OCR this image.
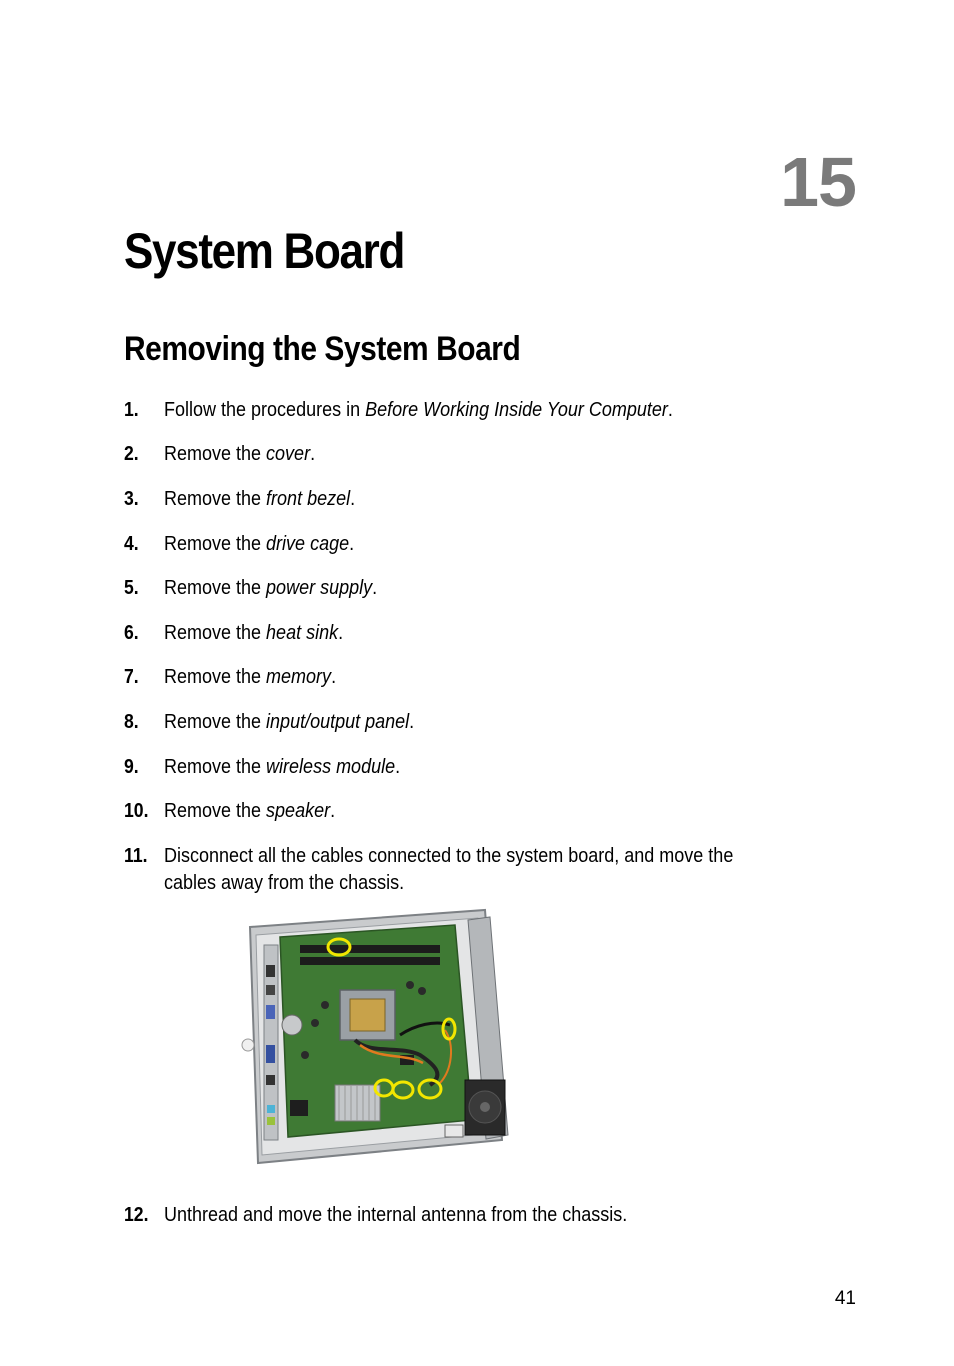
15
System Board
Removing the System Board
1. Follow the procedures in Before Working Inside Your Computer.
2. Remove the cover.
3. Remove the front bezel.
4. Remove the drive cage.
5. Remove the power supply.
6. Remove the heat sink.
7. Remove the memory.
8. Remove the input/output panel.
9. Remove the wireless module.
10. Remove the speaker.
11. Disconnect all the cables connected to the system board, and move the
cables away from the chassis.
12. Unthread and move the internal antenna from the chassis.
41
